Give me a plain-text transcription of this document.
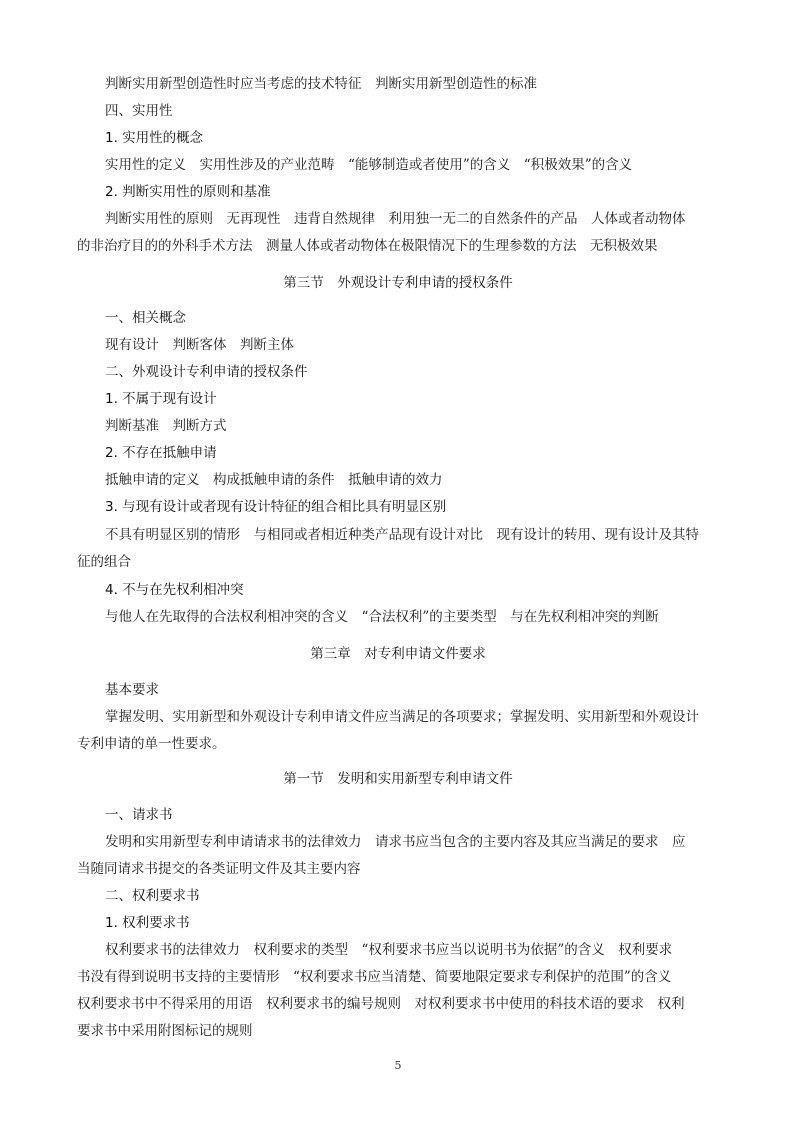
判断实用新型创造性时应当考虑的技术特征　判断实用新型创造性的标准
四、实用性
1. 实用性的概念
实用性的定义　实用性涉及的产业范畴　“能够制造或者使用”的含义　“积极效果”的含义
2. 判断实用性的原则和基准
判断实用性的原则　无再现性　违背自然规律　利用独一无二的自然条件的产品　人体或者动物体
的非治疗目的的外科手术方法　测量人体或者动物体在极限情况下的生理参数的方法　无积极效果
第三节　外观设计专利申请的授权条件
一、相关概念
现有设计　判断客体　判断主体
二、外观设计专利申请的授权条件
1. 不属于现有设计
判断基准　判断方式
2. 不存在抵触申请
抵触申请的定义　构成抵触申请的条件　抵触申请的效力
3. 与现有设计或者现有设计特征的组合相比具有明显区别
不具有明显区别的情形　与相同或者相近种类产品现有设计对比　现有设计的转用、现有设计及其特
征的组合
4. 不与在先权利相冲突
与他人在先取得的合法权利相冲突的含义　“合法权利”的主要类型　与在先权利相冲突的判断
第三章　对专利申请文件要求
基本要求
掌握发明、实用新型和外观设计专利申请文件应当满足的各项要求；掌握发明、实用新型和外观设计
专利申请的单一性要求。
第一节　发明和实用新型专利申请文件
一、请求书
发明和实用新型专利申请请求书的法律效力　请求书应当包含的主要内容及其应当满足的要求　应
当随同请求书提交的各类证明文件及其主要内容
二、权利要求书
1. 权利要求书
权利要求书的法律效力　权利要求的类型　“权利要求书应当以说明书为依据”的含义　权利要求
书没有得到说明书支持的主要情形　“权利要求书应当清楚、简要地限定要求专利保护的范围”的含义
权利要求书中不得采用的用语　权利要求书的编号规则　对权利要求书中使用的科技术语的要求　权利
要求书中采用附图标记的规则
5
